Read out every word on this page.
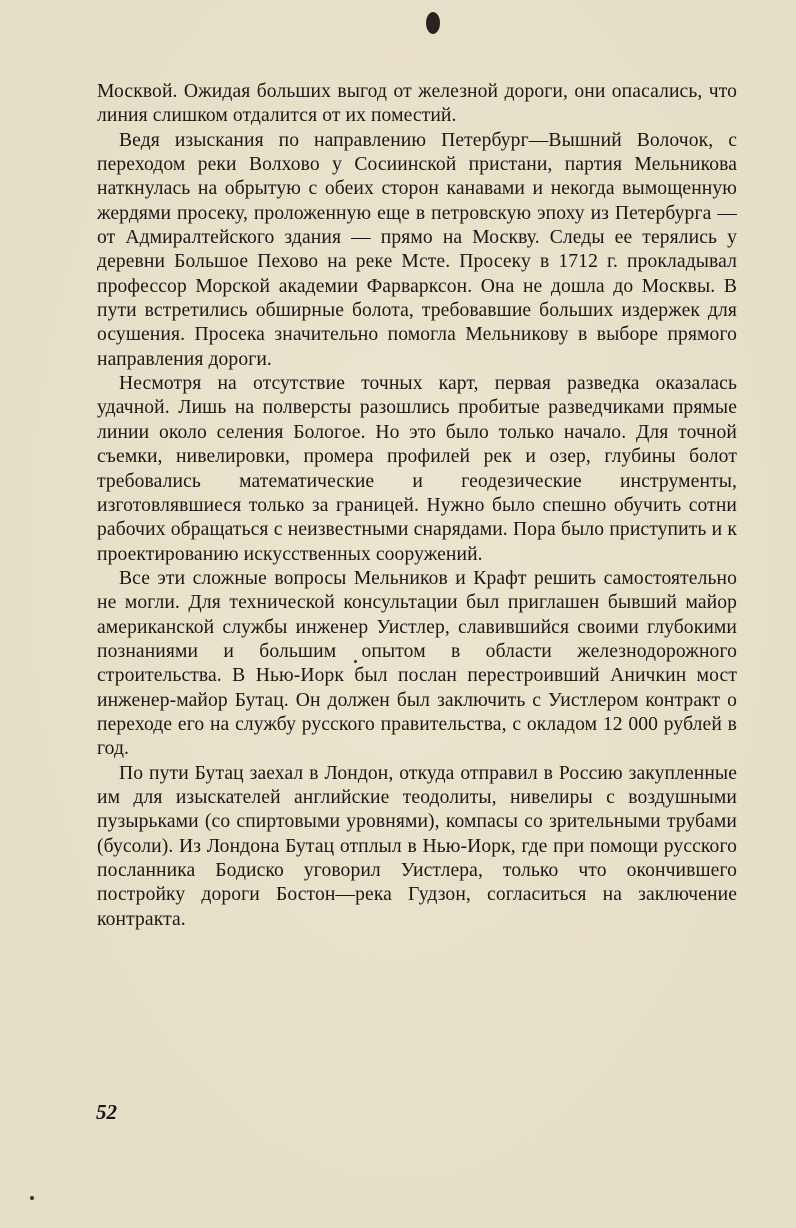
Москвой. Ожидая больших выгод от железной дороги, они опасались, что линия слишком отдалится от их поместий.

Ведя изыскания по направлению Петербург—Вышний Волочок, с переходом реки Волхово у Сосиинской пристани, партия Мельникова наткнулась на обрытую с обеих сторон канавами и некогда вымощенную жердями просеку, проложенную еще в петровскую эпоху из Петербурга — от Адмиралтейского здания — прямо на Москву. Следы ее терялись у деревни Большое Пехово на реке Мсте. Просеку в 1712 г. прокладывал профессор Морской академии Фарварксон. Она не дошла до Москвы. В пути встретились обширные болота, требовавшие больших издержек для осушения. Просека значительно помогла Мельникову в выборе прямого направления дороги.

Несмотря на отсутствие точных карт, первая разведка оказалась удачной. Лишь на полверсты разошлись пробитые разведчиками прямые линии около селения Бологое. Но это было только начало. Для точной съемки, нивелировки, промера профилей рек и озер, глубины болот требовались математические и геодезические инструменты, изготовлявшиеся только за границей. Нужно было спешно обучить сотни рабочих обращаться с неизвестными снарядами. Пора было приступить и к проектированию искусственных сооружений.

Все эти сложные вопросы Мельников и Крафт решить самостоятельно не могли. Для технической консультации был приглашен бывший майор американской службы инженер Уистлер, славившийся своими глубокими познаниями и большим опытом в области железнодорожного строительства. В Нью-Иорк был послан перестроивший Аничкин мост инженер-майор Бутац. Он должен был заключить с Уистлером контракт о переходе его на службу русского правительства, с окладом 12 000 рублей в год.

По пути Бутац заехал в Лондон, откуда отправил в Россию закупленные им для изыскателей английские теодолиты, нивелиры с воздушными пузырьками (со спиртовыми уровнями), компасы со зрительными трубами (бусоли). Из Лондона Бутац отплыл в Нью-Иорк, где при помощи русского посланника Бодиско уговорил Уистлера, только что окончившего постройку дороги Бостон—река Гудзон, согласиться на заключение контракта.

52
